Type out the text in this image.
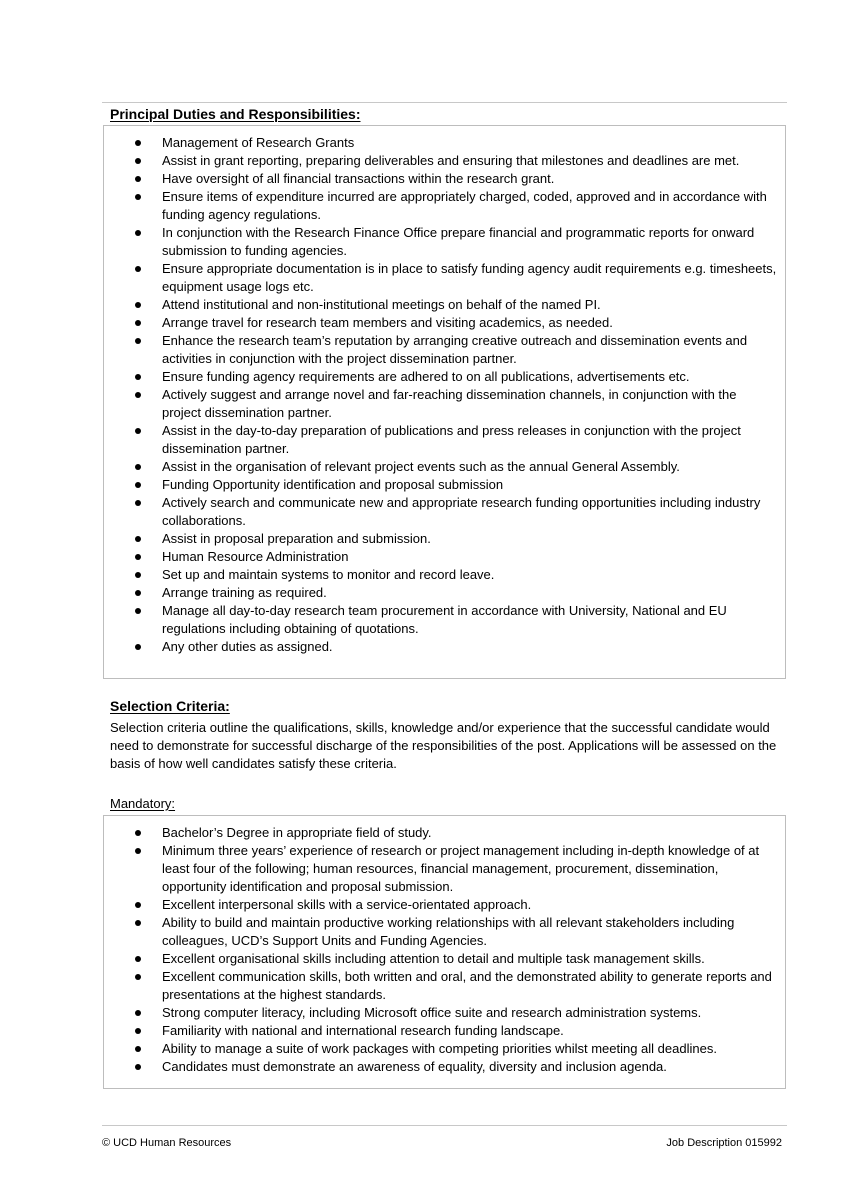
Principal Duties and Responsibilities:
Management of Research Grants
Assist in grant reporting, preparing deliverables and ensuring that milestones and deadlines are met.
Have oversight of all financial transactions within the research grant.
Ensure items of expenditure incurred are appropriately charged, coded, approved and in accordance with funding agency regulations.
In conjunction with the Research Finance Office prepare financial and programmatic reports for onward submission to funding agencies.
Ensure appropriate documentation is in place to satisfy funding agency audit requirements e.g. timesheets, equipment usage logs etc.
Attend institutional and non-institutional meetings on behalf of the named PI.
Arrange travel for research team members and visiting academics, as needed.
Enhance the research team’s reputation by arranging creative outreach and dissemination events and activities in conjunction with the project dissemination partner.
Ensure funding agency requirements are adhered to on all publications, advertisements etc.
Actively suggest and arrange novel and far-reaching dissemination channels, in conjunction with the project dissemination partner.
Assist in the day-to-day preparation of publications and press releases in conjunction with the project dissemination partner.
Assist in the organisation of relevant project events such as the annual General Assembly.
Funding Opportunity identification and proposal submission
Actively search and communicate new and appropriate research funding opportunities including industry collaborations.
Assist in proposal preparation and submission.
Human Resource Administration
Set up and maintain systems to monitor and record leave.
Arrange training as required.
Manage all day-to-day research team procurement in accordance with University, National and EU regulations including obtaining of quotations.
Any other duties as assigned.
Selection Criteria:
Selection criteria outline the qualifications, skills, knowledge and/or experience that the successful candidate would need to demonstrate for successful discharge of the responsibilities of the post. Applications will be assessed on the basis of how well candidates satisfy these criteria.
Mandatory:
Bachelor’s Degree in appropriate field of study.
Minimum three years’ experience of research or project management including in-depth knowledge of at least four of the following; human resources, financial management, procurement, dissemination, opportunity identification and proposal submission.
Excellent interpersonal skills with a service-orientated approach.
Ability to build and maintain productive working relationships with all relevant stakeholders including colleagues, UCD’s Support Units and Funding Agencies.
Excellent organisational skills including attention to detail and multiple task management skills.
Excellent communication skills, both written and oral, and the demonstrated ability to generate reports and presentations at the highest standards.
Strong computer literacy, including Microsoft office suite and research administration systems.
Familiarity with national and international research funding landscape.
Ability to manage a suite of work packages with competing priorities whilst meeting all deadlines.
Candidates must demonstrate an awareness of equality, diversity and inclusion agenda.
© UCD Human Resources	Job Description 015992
